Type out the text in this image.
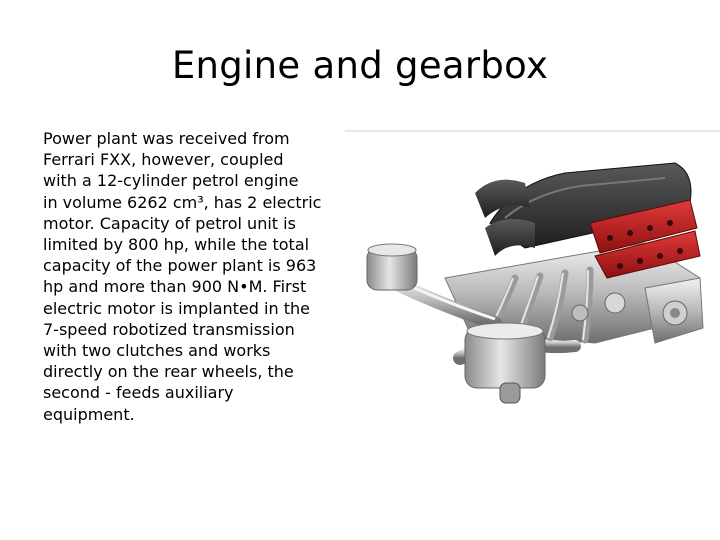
Engine and gearbox

Power plant was received from
Ferrari FXX, however, coupled
with a 12-cylinder petrol engine
in volume 6262 cm³, has 2 electric
motor. Capacity of petrol unit is
limited by 800 hp, while the total
capacity of the power plant is 963
hp and more than 900 N•M. First
electric motor is implanted in the
7-speed robotized transmission
with two clutches and works
directly on the rear wheels, the
second - feeds auxiliary
equipment.
